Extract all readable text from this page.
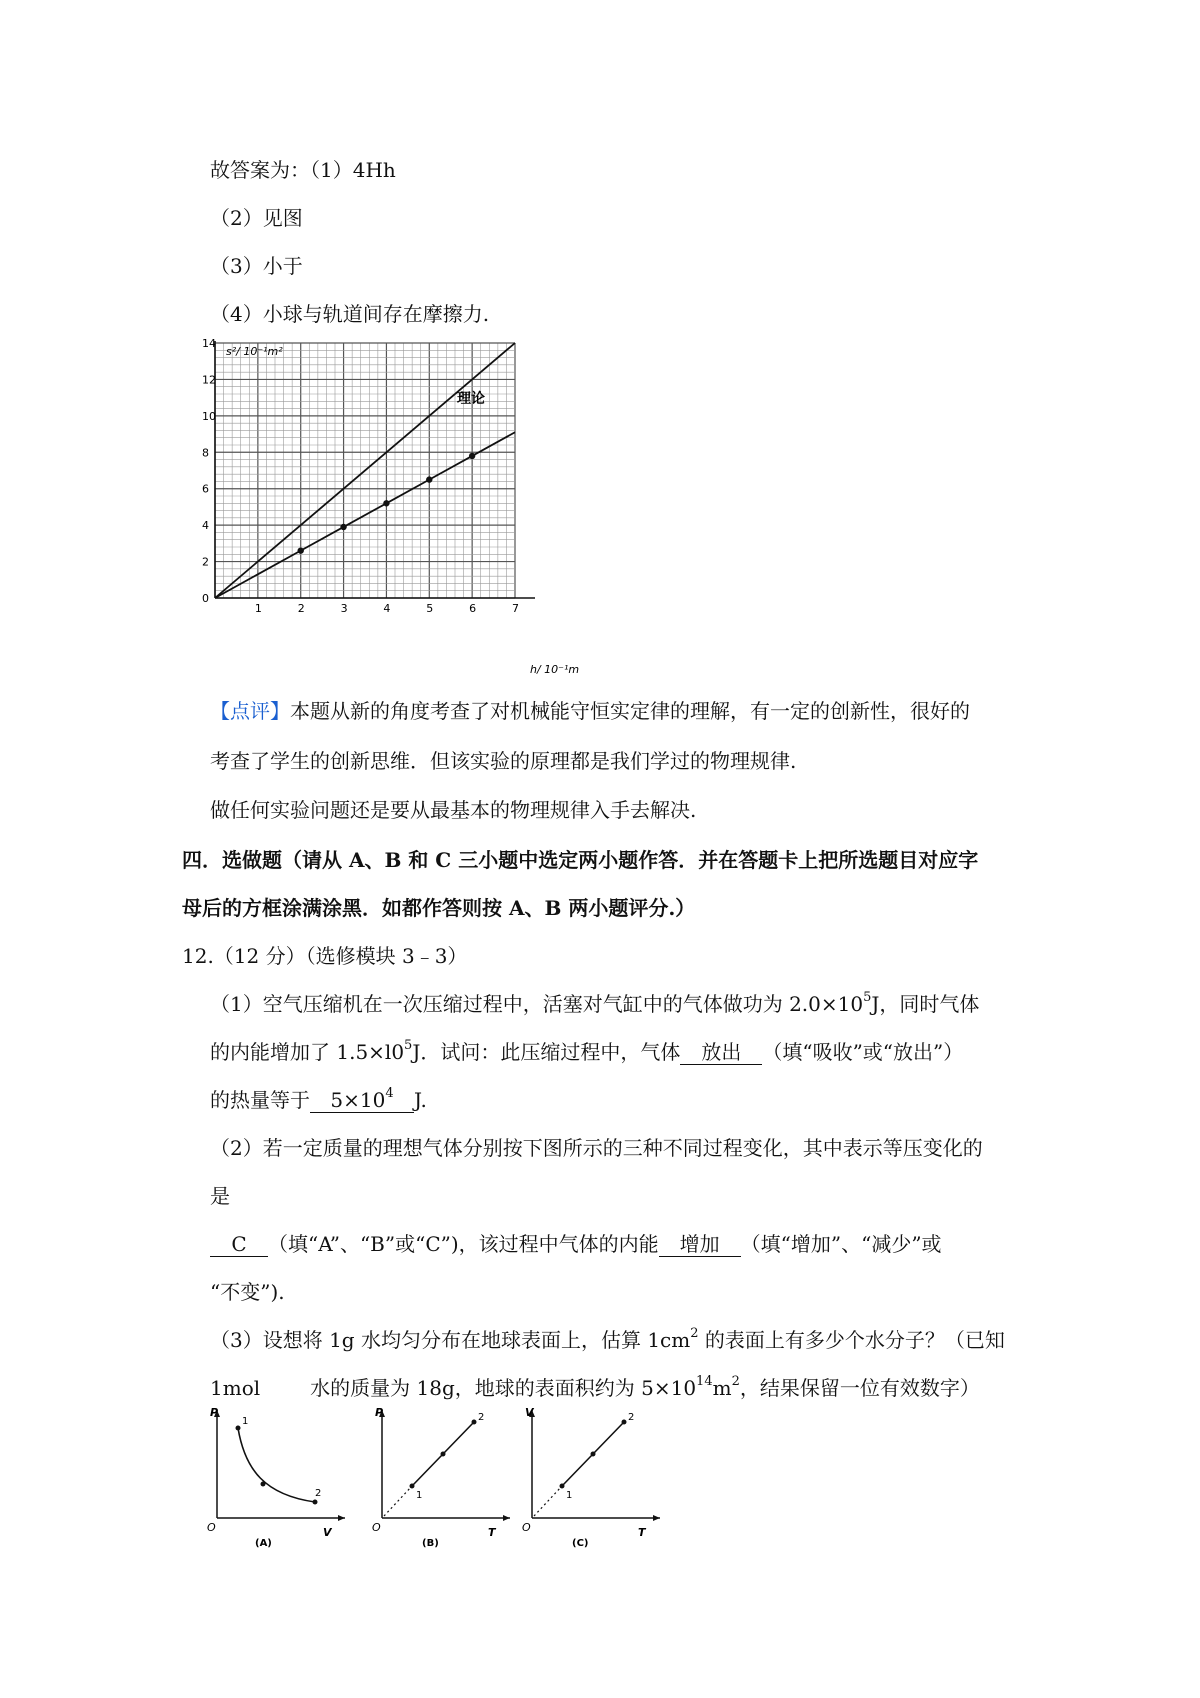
故答案为：（1）4Hh
（2）见图
（3）小于
（4）小球与轨道间存在摩擦力.
s²/ 10⁻¹m²
h/ 10⁻¹m
理论
0
2
4
6
8
10
12
14
1	2	3	4	5	6	7
【点评】本题从新的角度考查了对机械能守恒实定律的理解，有一定的创新性，很好的
考查了学生的创新思维．但该实验的原理都是我们学过的物理规律.
做任何实验问题还是要从最基本的物理规律入手去解决.
四．选做题（请从 A、B 和 C 三小题中选定两小题作答．并在答题卡上把所选题目对应字
母后的方框涂满涂黑．如都作答则按 A、B 两小题评分.）
12.（12 分）（选修模块 3﹣3）
（1）空气压缩机在一次压缩过程中，活塞对气缸中的气体做功为 $2.0\times 10^5J$，同时气体
的内能增加了 $1.5\times l0^5J$．试问：此压缩过程中，气体 放出 （填“吸收”或“放出”）
的热量等于 $5\times 10^4$ J.
（2）若一定质量的理想气体分别按下图所示的三种不同过程变化，其中表示等压变化的
是
C （填“A”、“B”或“C”)，该过程中气体的内能 增加 （填“增加”、“减少”或
“不变”).
（3）设想将 1g 水均匀分布在地球表面上，估算 $1cm^2$ 的表面上有多少个水分子？（已知
1mol	水的质量为 18g，地球的表面积约为 $5\times 10^{14}m^2$，结果保留一位有效数字）
P
V
O
1
2
(A)
P
T
O
1
2
(B)
V
T
O
1
2
(C)
